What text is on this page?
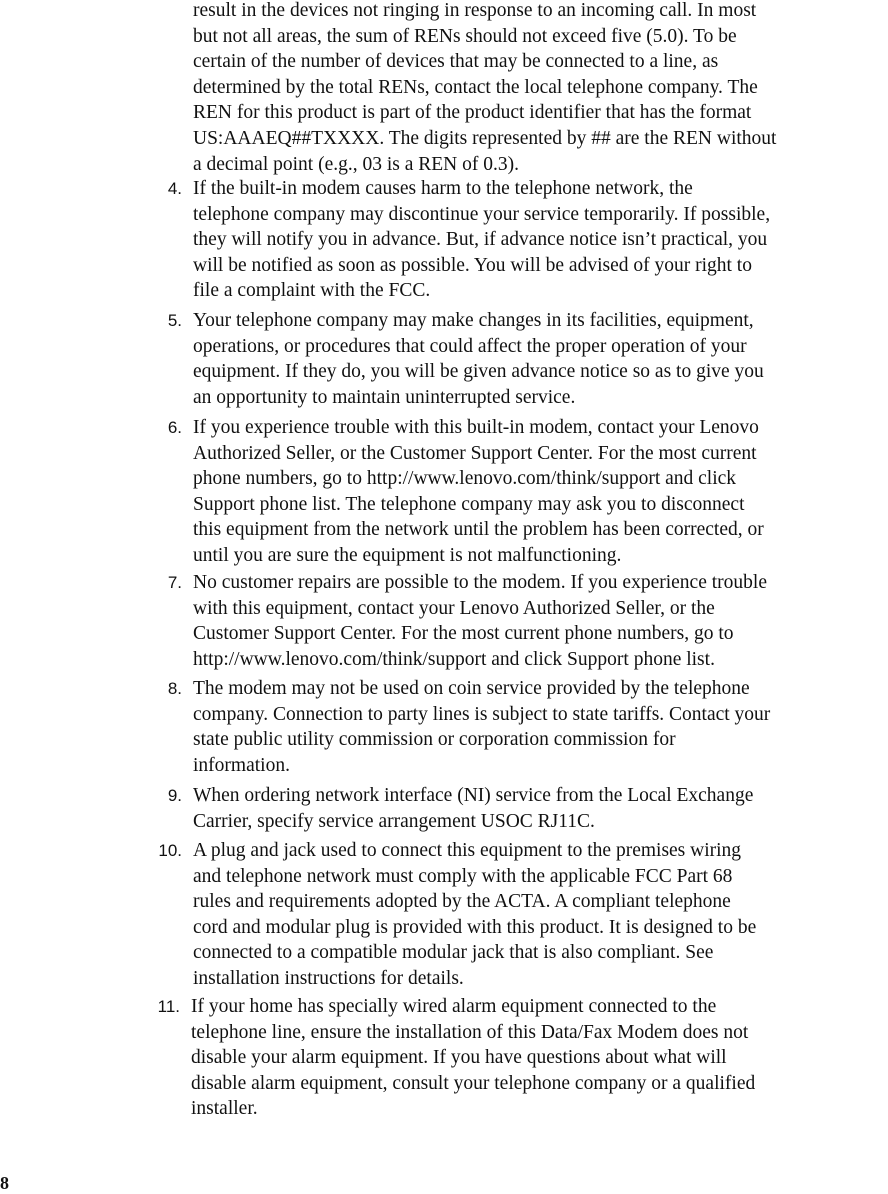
result in the devices not ringing in response to an incoming call. In most
but not all areas, the sum of RENs should not exceed five (5.0). To be
certain of the number of devices that may be connected to a line, as
determined by the total RENs, contact the local telephone company. The
REN for this product is part of the product identifier that has the format
US:AAAEQ##TXXXX. The digits represented by ## are the REN without
a decimal point (e.g., 03 is a REN of 0.3).
4. If the built-in modem causes harm to the telephone network, the
telephone company may discontinue your service temporarily. If possible,
they will notify you in advance. But, if advance notice isn’t practical, you
will be notified as soon as possible. You will be advised of your right to
file a complaint with the FCC.
5. Your telephone company may make changes in its facilities, equipment,
operations, or procedures that could affect the proper operation of your
equipment. If they do, you will be given advance notice so as to give you
an opportunity to maintain uninterrupted service.
6. If you experience trouble with this built-in modem, contact your Lenovo
Authorized Seller, or the Customer Support Center. For the most current
phone numbers, go to http://www.lenovo.com/think/support and click
Support phone list. The telephone company may ask you to disconnect
this equipment from the network until the problem has been corrected, or
until you are sure the equipment is not malfunctioning.
7. No customer repairs are possible to the modem. If you experience trouble
with this equipment, contact your Lenovo Authorized Seller, or the
Customer Support Center. For the most current phone numbers, go to
http://www.lenovo.com/think/support and click Support phone list.
8. The modem may not be used on coin service provided by the telephone
company. Connection to party lines is subject to state tariffs. Contact your
state public utility commission or corporation commission for
information.
9. When ordering network interface (NI) service from the Local Exchange
Carrier, specify service arrangement USOC RJ11C.
10. A plug and jack used to connect this equipment to the premises wiring
and telephone network must comply with the applicable FCC Part 68
rules and requirements adopted by the ACTA. A compliant telephone
cord and modular plug is provided with this product. It is designed to be
connected to a compatible modular jack that is also compliant. See
installation instructions for details.
11. If your home has specially wired alarm equipment connected to the
telephone line, ensure the installation of this Data/Fax Modem does not
disable your alarm equipment. If you have questions about what will
disable alarm equipment, consult your telephone company or a qualified
installer.
8
